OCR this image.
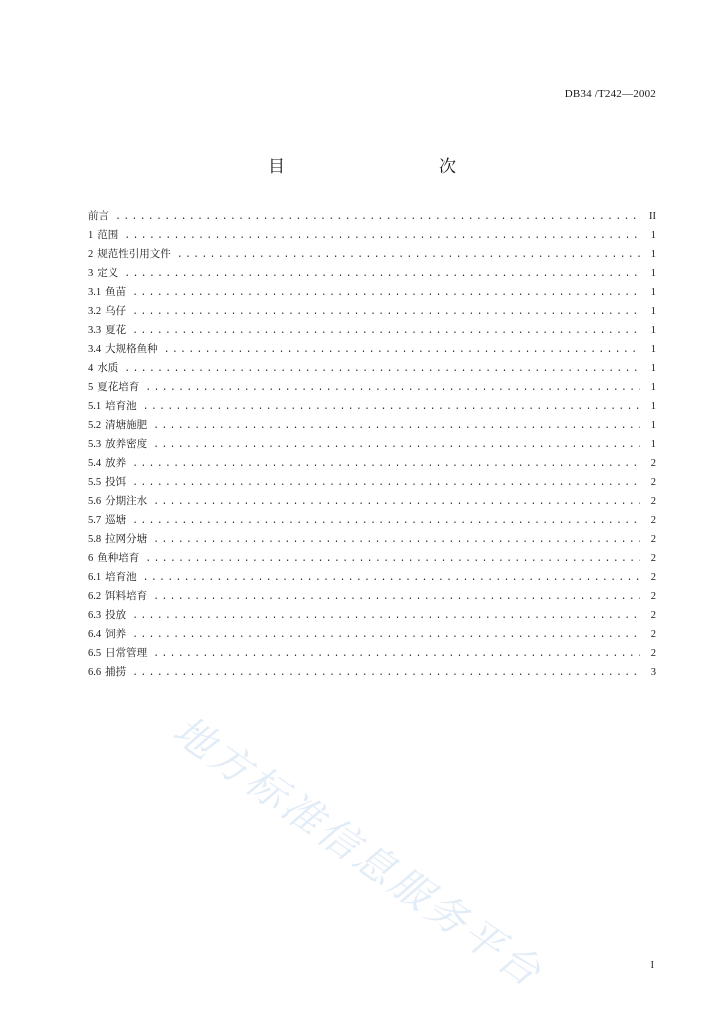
DB34 /T242—2002
目　　次
前言 .....	II
1 范围 .....	1
2 规范性引用文件 .....	1
3 定义 .....	1
3.1 鱼苗 .....	1
3.2 乌仔 .....	1
3.3 夏花 .....	1
3.4 大规格鱼种 .....	1
4 水质 .....	1
5 夏花培育 .....	1
5.1 培育池 .....	1
5.2 清塘施肥 .....	1
5.3 放养密度 .....	1
5.4 放养 .....	2
5.5 投饵 .....	2
5.6 分期注水 .....	2
5.7 巡塘 .....	2
5.8 拉网分塘 .....	2
6 鱼种培育 .....	2
6.1 培育池 .....	2
6.2 饵料培育 .....	2
6.3 投放 .....	2
6.4 饲养 .....	2
6.5 日常管理 .....	2
6.6 捕捞 .....	3
地方标准信息服务平台	I
